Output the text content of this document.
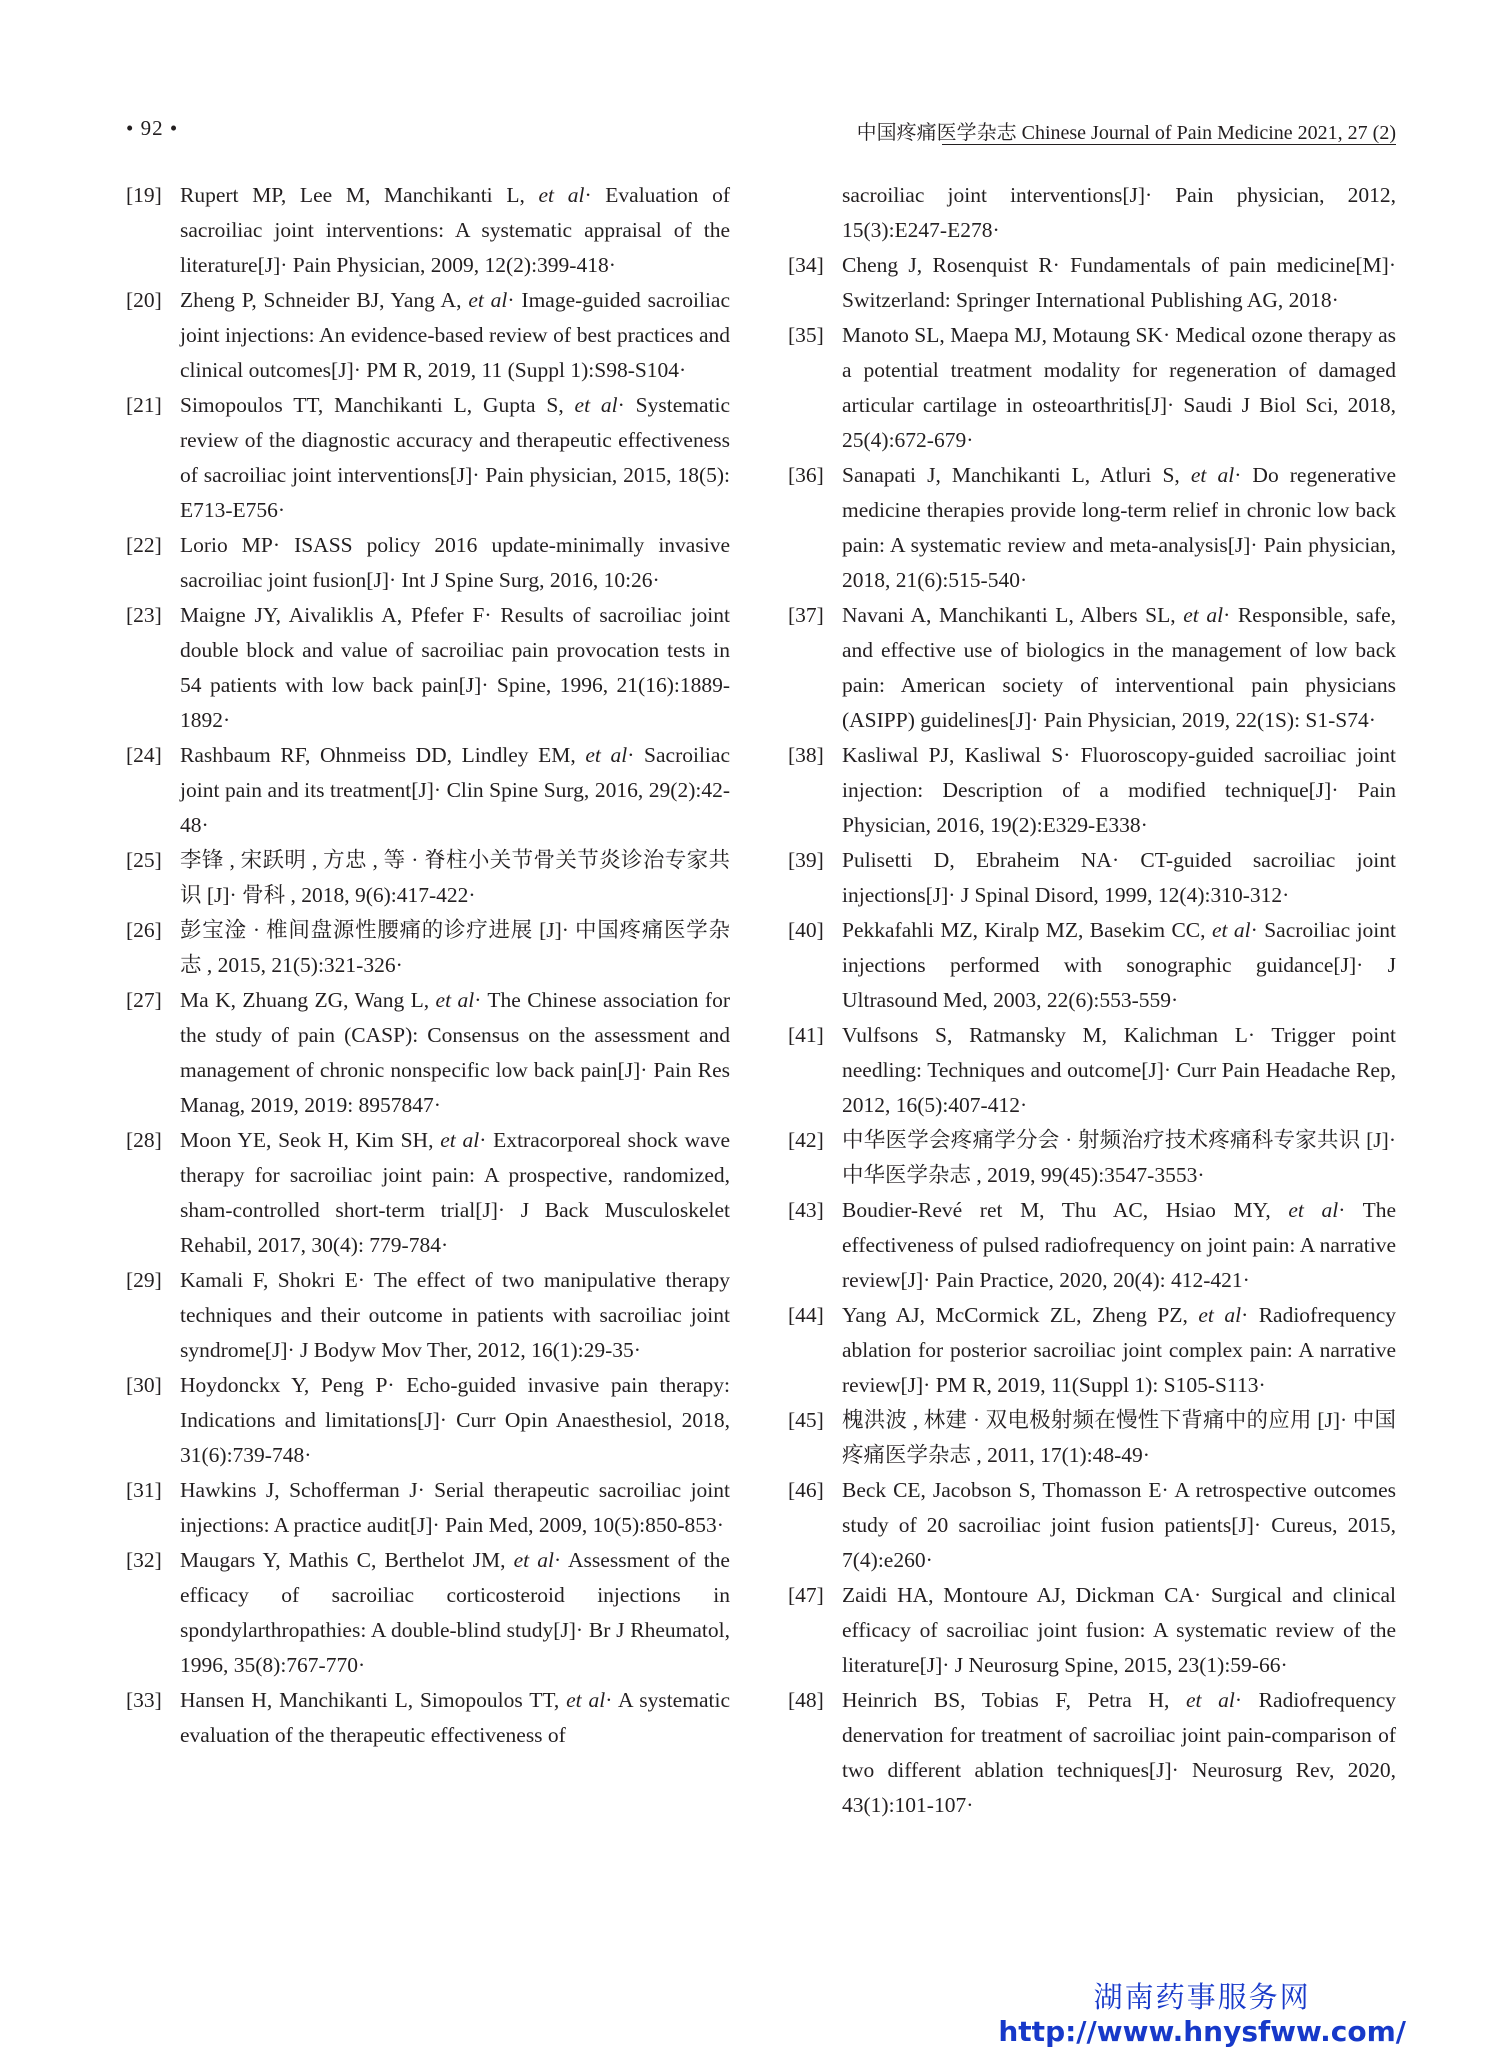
• 92 •	中国疼痛医学杂志 Chinese Journal of Pain Medicine 2021, 27 (2)
[19] Rupert MP, Lee M, Manchikanti L, et al· Evaluation of sacroiliac joint interventions: A systematic appraisal of the literature[J]· Pain Physician, 2009, 12(2):399-418·
[20] Zheng P, Schneider BJ, Yang A, et al· Image-guided sacroiliac joint injections: An evidence-based review of best practices and clinical outcomes[J]· PM R, 2019, 11 (Suppl 1):S98-S104·
[21] Simopoulos TT, Manchikanti L, Gupta S, et al· Systematic review of the diagnostic accuracy and therapeutic effectiveness of sacroiliac joint interventions[J]· Pain physician, 2015, 18(5): E713-E756·
[22] Lorio MP· ISASS policy 2016 update-minimally invasive sacroiliac joint fusion[J]· Int J Spine Surg, 2016, 10:26·
[23] Maigne JY, Aivaliklis A, Pfefer F· Results of sacroiliac joint double block and value of sacroiliac pain provocation tests in 54 patients with low back pain[J]· Spine, 1996, 21(16):1889-1892·
[24] Rashbaum RF, Ohnmeiss DD, Lindley EM, et al· Sacroiliac joint pain and its treatment[J]· Clin Spine Surg, 2016, 29(2):42-48·
[25] 李锋 , 宋跃明 , 方忠 , 等 · 脊柱小关节骨关节炎诊治专家共识 [J]· 骨科 , 2018, 9(6):417-422·
[26] 彭宝淦 · 椎间盘源性腰痛的诊疗进展 [J]· 中国疼痛医学杂志 , 2015, 21(5):321-326·
[27] Ma K, Zhuang ZG, Wang L, et al· The Chinese association for the study of pain (CASP): Consensus on the assessment and management of chronic nonspecific low back pain[J]· Pain Res Manag, 2019, 2019: 8957847·
[28] Moon YE, Seok H, Kim SH, et al· Extracorporeal shock wave therapy for sacroiliac joint pain: A prospective, randomized, sham-controlled short-term trial[J]· J Back Musculoskelet Rehabil, 2017, 30(4): 779-784·
[29] Kamali F, Shokri E· The effect of two manipulative therapy techniques and their outcome in patients with sacroiliac joint syndrome[J]· J Bodyw Mov Ther, 2012, 16(1):29-35·
[30] Hoydonckx Y, Peng P· Echo-guided invasive pain therapy: Indications and limitations[J]· Curr Opin Anaesthesiol, 2018, 31(6):739-748·
[31] Hawkins J, Schofferman J· Serial therapeutic sacroiliac joint injections: A practice audit[J]· Pain Med, 2009, 10(5):850-853·
[32] Maugars Y, Mathis C, Berthelot JM, et al· Assessment of the efficacy of sacroiliac corticosteroid injections in spondylarthropathies: A double-blind study[J]· Br J Rheumatol, 1996, 35(8):767-770·
[33] Hansen H, Manchikanti L, Simopoulos TT, et al· A systematic evaluation of the therapeutic effectiveness of
sacroiliac joint interventions[J]· Pain physician, 2012, 15(3):E247-E278·
[34] Cheng J, Rosenquist R· Fundamentals of pain medicine[M]· Switzerland: Springer International Publishing AG, 2018·
[35] Manoto SL, Maepa MJ, Motaung SK· Medical ozone therapy as a potential treatment modality for regeneration of damaged articular cartilage in osteoarthritis[J]· Saudi J Biol Sci, 2018, 25(4):672-679·
[36] Sanapati J, Manchikanti L, Atluri S, et al· Do regenerative medicine therapies provide long-term relief in chronic low back pain: A systematic review and meta-analysis[J]· Pain physician, 2018, 21(6):515-540·
[37] Navani A, Manchikanti L, Albers SL, et al· Responsible, safe, and effective use of biologics in the management of low back pain: American society of interventional pain physicians (ASIPP) guidelines[J]· Pain Physician, 2019, 22(1S): S1-S74·
[38] Kasliwal PJ, Kasliwal S· Fluoroscopy-guided sacroiliac joint injection: Description of a modified technique[J]· Pain Physician, 2016, 19(2):E329-E338·
[39] Pulisetti D, Ebraheim NA· CT-guided sacroiliac joint injections[J]· J Spinal Disord, 1999, 12(4):310-312·
[40] Pekkafahli MZ, Kiralp MZ, Basekim CC, et al· Sacroiliac joint injections performed with sonographic guidance[J]· J Ultrasound Med, 2003, 22(6):553-559·
[41] Vulfsons S, Ratmansky M, Kalichman L· Trigger point needling: Techniques and outcome[J]· Curr Pain Headache Rep, 2012, 16(5):407-412·
[42] 中华医学会疼痛学分会 · 射频治疗技术疼痛科专家共识 [J]· 中华医学杂志 , 2019, 99(45):3547-3553·
[43] Boudier-Revé ret M, Thu AC, Hsiao MY, et al· The effectiveness of pulsed radiofrequency on joint pain: A narrative review[J]· Pain Practice, 2020, 20(4): 412-421·
[44] Yang AJ, McCormick ZL, Zheng PZ, et al· Radiofrequency ablation for posterior sacroiliac joint complex pain: A narrative review[J]· PM R, 2019, 11(Suppl 1): S105-S113·
[45] 槐洪波 , 林建 · 双电极射频在慢性下背痛中的应用 [J]· 中国疼痛医学杂志 , 2011, 17(1):48-49·
[46] Beck CE, Jacobson S, Thomasson E· A retrospective outcomes study of 20 sacroiliac joint fusion patients[J]· Cureus, 2015, 7(4):e260·
[47] Zaidi HA, Montoure AJ, Dickman CA· Surgical and clinical efficacy of sacroiliac joint fusion: A systematic review of the literature[J]· J Neurosurg Spine, 2015, 23(1):59-66·
[48] Heinrich BS, Tobias F, Petra H, et al· Radiofrequency denervation for treatment of sacroiliac joint pain-comparison of two different ablation techniques[J]· Neurosurg Rev, 2020, 43(1):101-107·
湖南药事服务网
http://www.hnysfww.com/
